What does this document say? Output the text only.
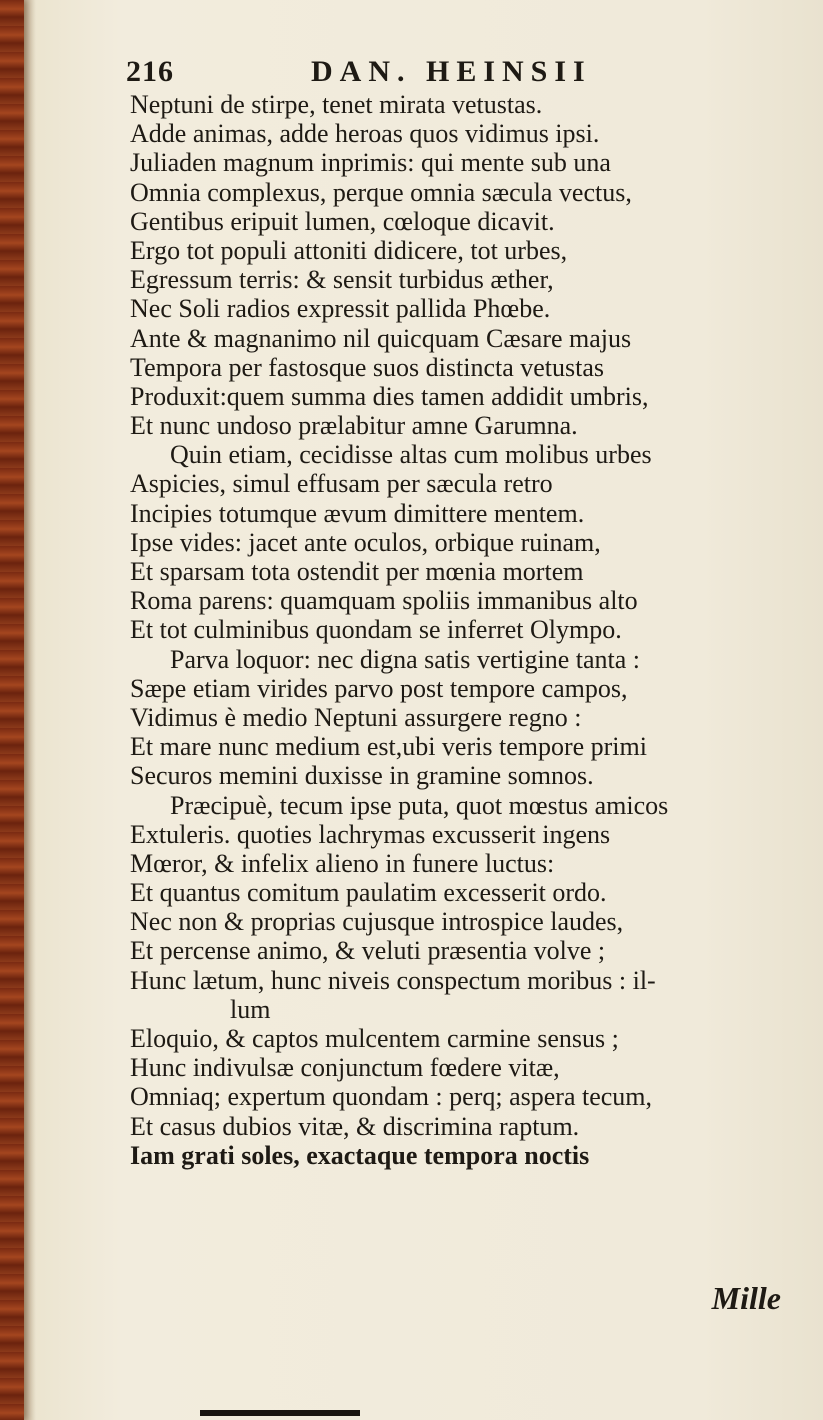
216	DAN. HEINSII
Neptuni de stirpe, tenet mirata vetustas.
Adde animas, adde heroas quos vidimus ipsi.
Juliaden magnum inprimis: qui mente sub una
Omnia complexus, perque omnia sæcula vectus,
Gentibus eripuit lumen, cœloque dicavit.
Ergo tot populi attoniti didicere, tot urbes,
Egressum terris: & sensit turbidus æther,
Nec Soli radios expressit pallida Phœbe.
Ante & magnanimo nil quicquam Cæsare majus
Tempora per fastosque suos distincta vetustas
Produxit:quem summa dies tamen addidit umbris,
Et nunc undoso prælabitur amne Garumna.
Quin etiam, cecidisse altas cum molibus urbes
Aspicies, simul effusam per sæcula retro
Incipies totumque ævum dimittere mentem.
Ipse vides: jacet ante oculos, orbique ruinam,
Et sparsam tota ostendit per mœnia mortem
Roma parens: quamquam spoliis immanibus alto
Et tot culminibus quondam se inferret Olympo.
Parva loquor: nec digna satis vertigine tanta :
Sæpe etiam virides parvo post tempore campos,
Vidimus è medio Neptuni assurgere regno :
Et mare nunc medium est,ubi veris tempore primi
Securos memini duxisse in gramine somnos.
Præcipuè, tecum ipse puta, quot mœstus amicos
Extuleris. quoties lachrymas excusserit ingens
Mœror, & infelix alieno in funere luctus:
Et quantus comitum paulatim excesserit ordo.
Nec non & proprias cujusque introspice laudes,
Et percense animo, & veluti præsentia volve ;
Hunc lætum, hunc niveis conspectum moribus : il-
lum
Eloquio, & captos mulcentem carmine sensus ;
Hunc indivulsæ conjunctum fœdere vitæ,
Omniaq; expertum quondam : perq; aspera tecum,
Et casus dubios vitæ, & discrimina raptum.
Iam grati soles, exactaque tempora noctis
Mille
